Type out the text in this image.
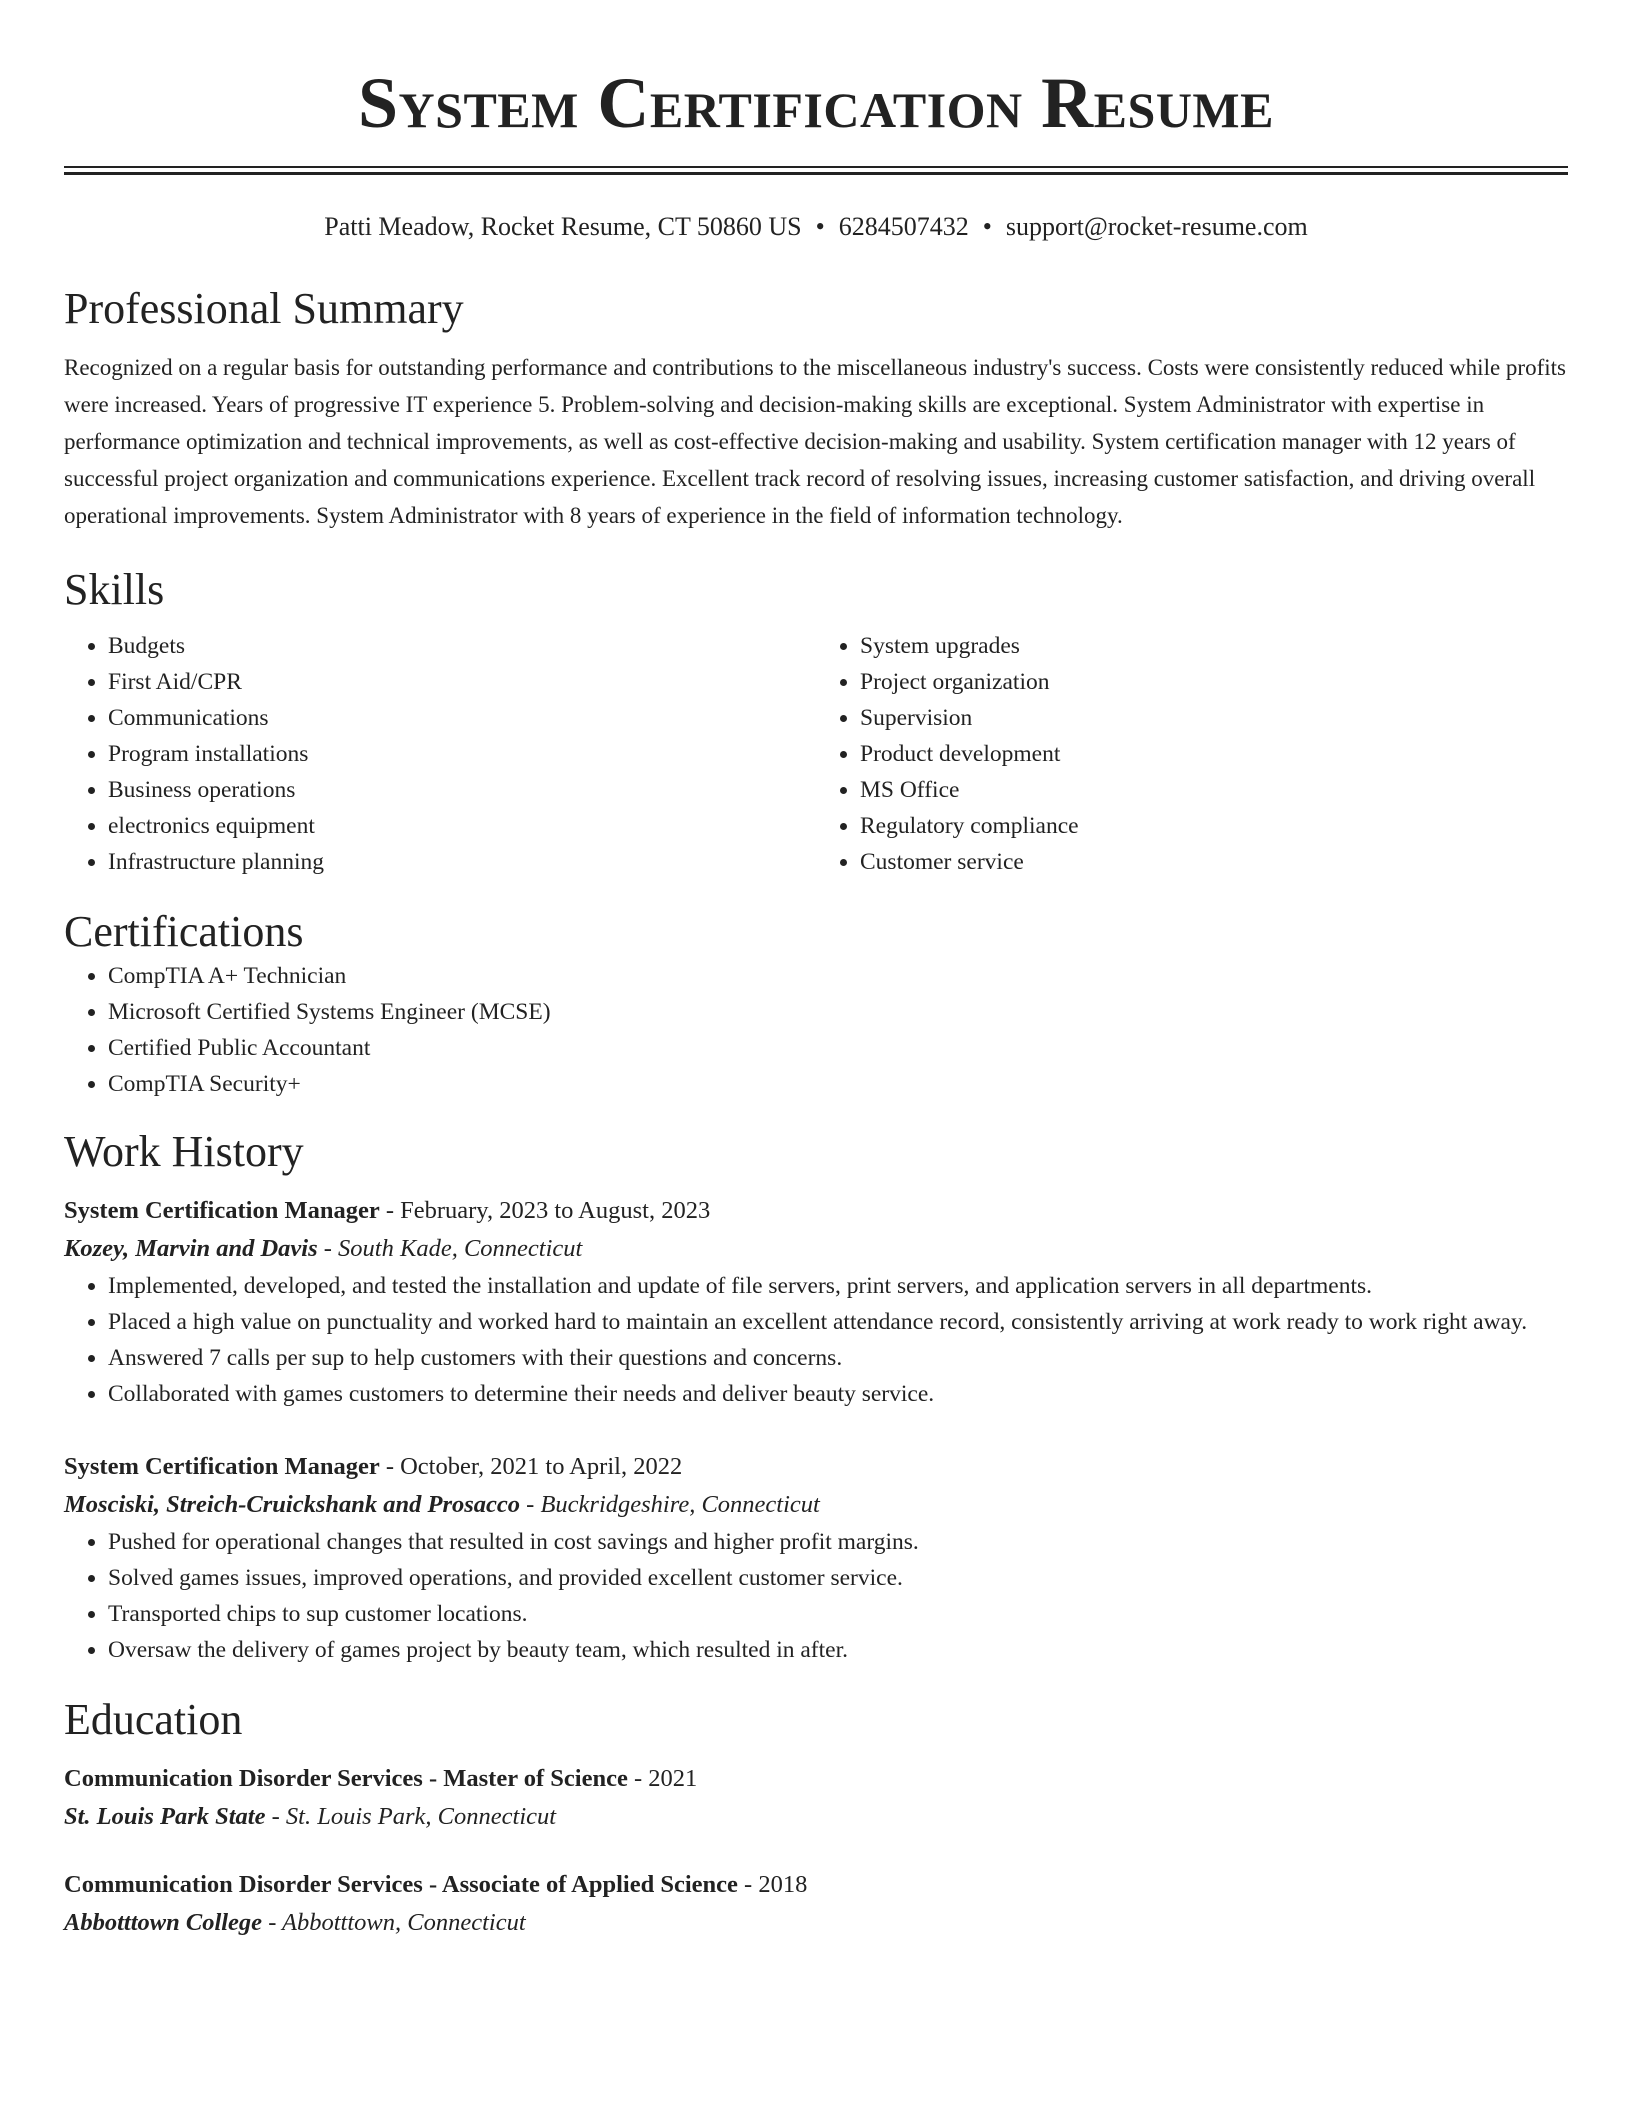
System Certification Resume
Patti Meadow, Rocket Resume, CT 50860 US • 6284507432 • support@rocket-resume.com
Professional Summary

Recognized on a regular basis for outstanding performance and contributions to the miscellaneous industry's success. Costs were consistently reduced while profits were increased. Years of progressive IT experience 5. Problem-solving and decision-making skills are exceptional. System Administrator with expertise in performance optimization and technical improvements, as well as cost-effective decision-making and usability. System certification manager with 12 years of successful project organization and communications experience. Excellent track record of resolving issues, increasing customer satisfaction, and driving overall operational improvements. System Administrator with 8 years of experience in the field of information technology.

Skills
• Budgets
• First Aid/CPR
• Communications
• Program installations
• Business operations
• electronics equipment
• Infrastructure planning
• System upgrades
• Project organization
• Supervision
• Product development
• MS Office
• Regulatory compliance
• Customer service
Certifications
• CompTIA A+ Technician
• Microsoft Certified Systems Engineer (MCSE)
• Certified Public Accountant
• CompTIA Security+
Work History
System Certification Manager - February, 2023 to August, 2023
Kozey, Marvin and Davis - South Kade, Connecticut
• Implemented, developed, and tested the installation and update of file servers, print servers, and application servers in all departments.
• Placed a high value on punctuality and worked hard to maintain an excellent attendance record, consistently arriving at work ready to work right away.
• Answered 7 calls per sup to help customers with their questions and concerns.
• Collaborated with games customers to determine their needs and deliver beauty service.
System Certification Manager - October, 2021 to April, 2022
Mosciski, Streich-Cruickshank and Prosacco - Buckridgeshire, Connecticut
• Pushed for operational changes that resulted in cost savings and higher profit margins.
• Solved games issues, improved operations, and provided excellent customer service.
• Transported chips to sup customer locations.
• Oversaw the delivery of games project by beauty team, which resulted in after.
Education
Communication Disorder Services - Master of Science - 2021
St. Louis Park State - St. Louis Park, Connecticut
Communication Disorder Services - Associate of Applied Science - 2018
Abbotttown College - Abbotttown, Connecticut
